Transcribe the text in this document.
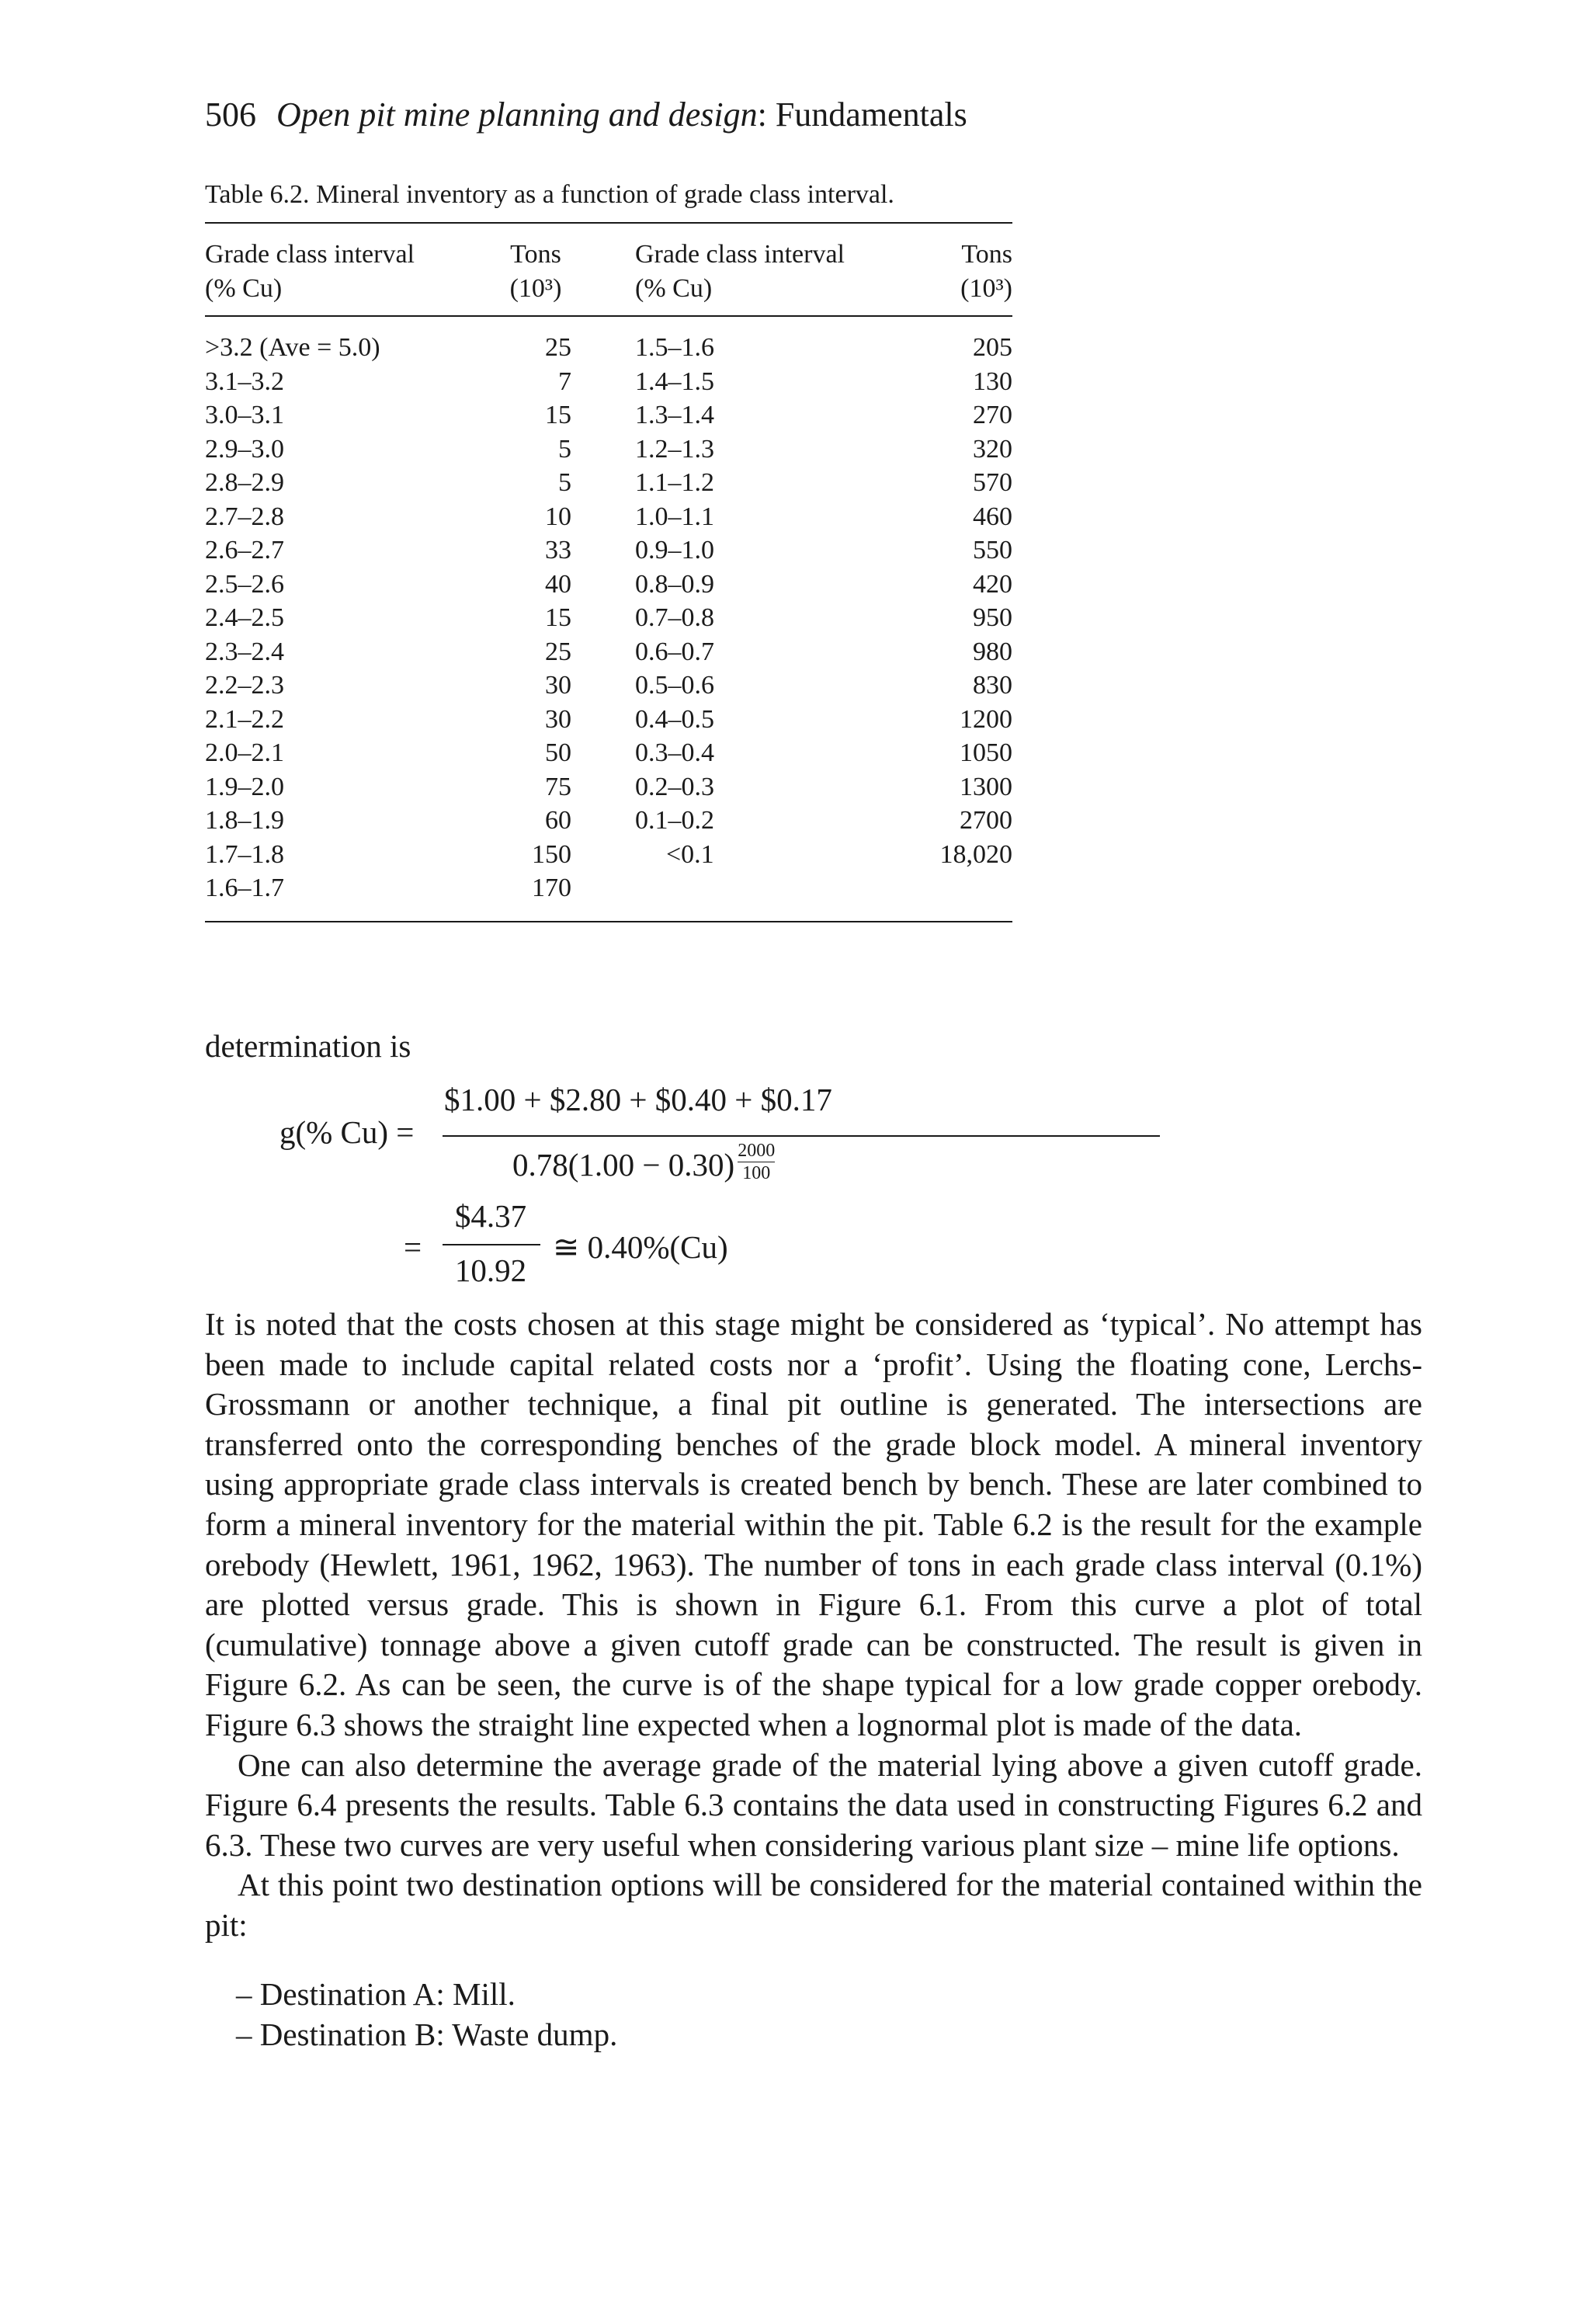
506 Open pit mine planning and design: Fundamentals
Table 6.2. Mineral inventory as a function of grade class interval.
Grade class interval	Tons	Grade class interval	Tons
(% Cu)	(10³)	(% Cu)	(10³)
>3.2 (Ave = 5.0)	25 1.5–1.6	205
3.1–3.2	7 1.4–1.5	130
3.0–3.1	15 1.3–1.4	270
2.9–3.0	5 1.2–1.3	320
2.8–2.9	5 1.1–1.2	570
2.7–2.8	10 1.0–1.1	460
2.6–2.7	33 0.9–1.0	550
2.5–2.6	40 0.8–0.9	420
2.4–2.5	15 0.7–0.8	950
2.3–2.4	25 0.6–0.7	980
2.2–2.3	30 0.5–0.6	830
2.1–2.2	30 0.4–0.5	1200
2.0–2.1	50 0.3–0.4	1050
1.9–2.0	75 0.2–0.3	1300
1.8–1.9	60 0.1–0.2	2700
1.7–1.8	150	<0.1	18,020
1.6–1.7	170
determination is
g(% Cu) =
$1.00 + $2.80 + $0.40 + $0.17
$0.78(1.00 - 0.30) \frac{2000}{100}$
=
$4.37
10.92
≅ 0.40%(Cu)

It is noted that the costs chosen at this stage might be considered as ‘typical’. No attempt has been made to include capital related costs nor a ‘profit’. Using the floating cone, Lerchs-Grossmann or another technique, a final pit outline is generated. The intersections are transferred onto the corresponding benches of the grade block model. A mineral inventory using appropriate grade class intervals is created bench by bench. These are later combined to form a mineral inventory for the material within the pit. Table 6.2 is the result for the example orebody (Hewlett, 1961, 1962, 1963). The number of tons in each grade class interval (0.1%) are plotted versus grade. This is shown in Figure 6.1. From this curve a plot of total (cumulative) tonnage above a given cutoff grade can be constructed. The result is given in Figure 6.2. As can be seen, the curve is of the shape typical for a low grade copper orebody. Figure 6.3 shows the straight line expected when a lognormal plot is made of the data.

One can also determine the average grade of the material lying above a given cutoff grade. Figure 6.4 presents the results. Table 6.3 contains the data used in constructing Figures 6.2 and 6.3. These two curves are very useful when considering various plant size – mine life options.

At this point two destination options will be considered for the material contained within the pit:

– Destination A: Mill.
– Destination B: Waste dump.
